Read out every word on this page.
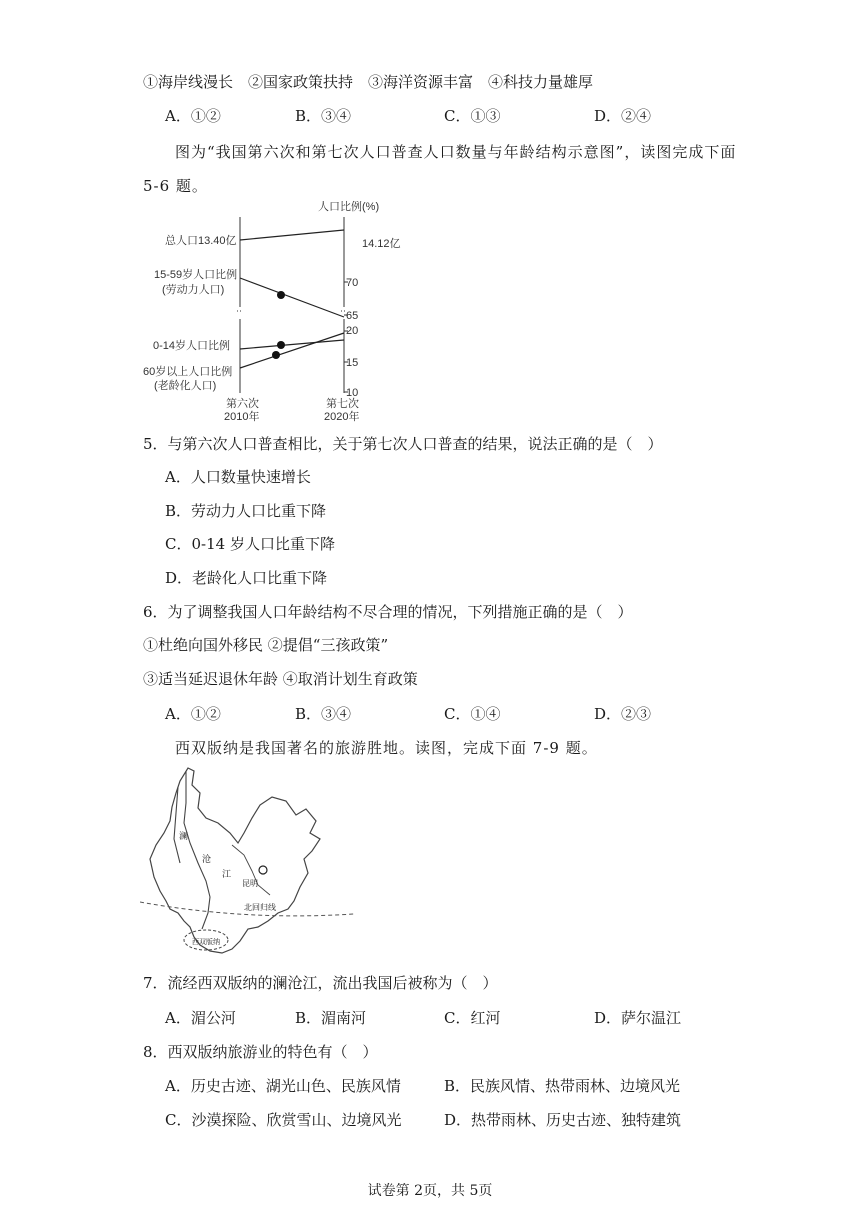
①海岸线漫长　②国家政策扶持　③海洋资源丰富　④科技力量雄厚
A．①②	B．③④	C．①③	D．②④
图为“我国第六次和第七次人口普查人口数量与年龄结构示意图”，读图完成下面
5-6 题。
70
65
20
15
10
人口比例(%)
总人口13.40亿	14.12亿
15-59岁人口比例
(劳动力人口)
0-14岁人口比例
60岁以上人口比例
(老龄化人口)
第六次
2010年
第七次
2020年
5．与第六次人口普查相比，关于第七次人口普查的结果，说法正确的是（　）
A．人口数量快速增长
B．劳动力人口比重下降
C．0-14 岁人口比重下降
D．老龄化人口比重下降
6．为了调整我国人口年龄结构不尽合理的情况，下列措施正确的是（　）
①杜绝向国外移民 ②提倡“三孩政策”
③适当延迟退休年龄 ④取消计划生育政策
A．①②	B．③④	C．①④	D．②③
西双版纳是我国著名的旅游胜地。读图，完成下面 7-9 题。
澜
沧
江
昆明
北回归线
西双版纳
7．流经西双版纳的澜沧江，流出我国后被称为（　）
A．湄公河	B．湄南河	C．红河	D．萨尔温江
8．西双版纳旅游业的特色有（　）
A．历史古迹、湖光山色、民族风情	B．民族风情、热带雨林、边境风光
C．沙漠探险、欣赏雪山、边境风光	D．热带雨林、历史古迹、独特建筑
试卷第 2页，共 5页
